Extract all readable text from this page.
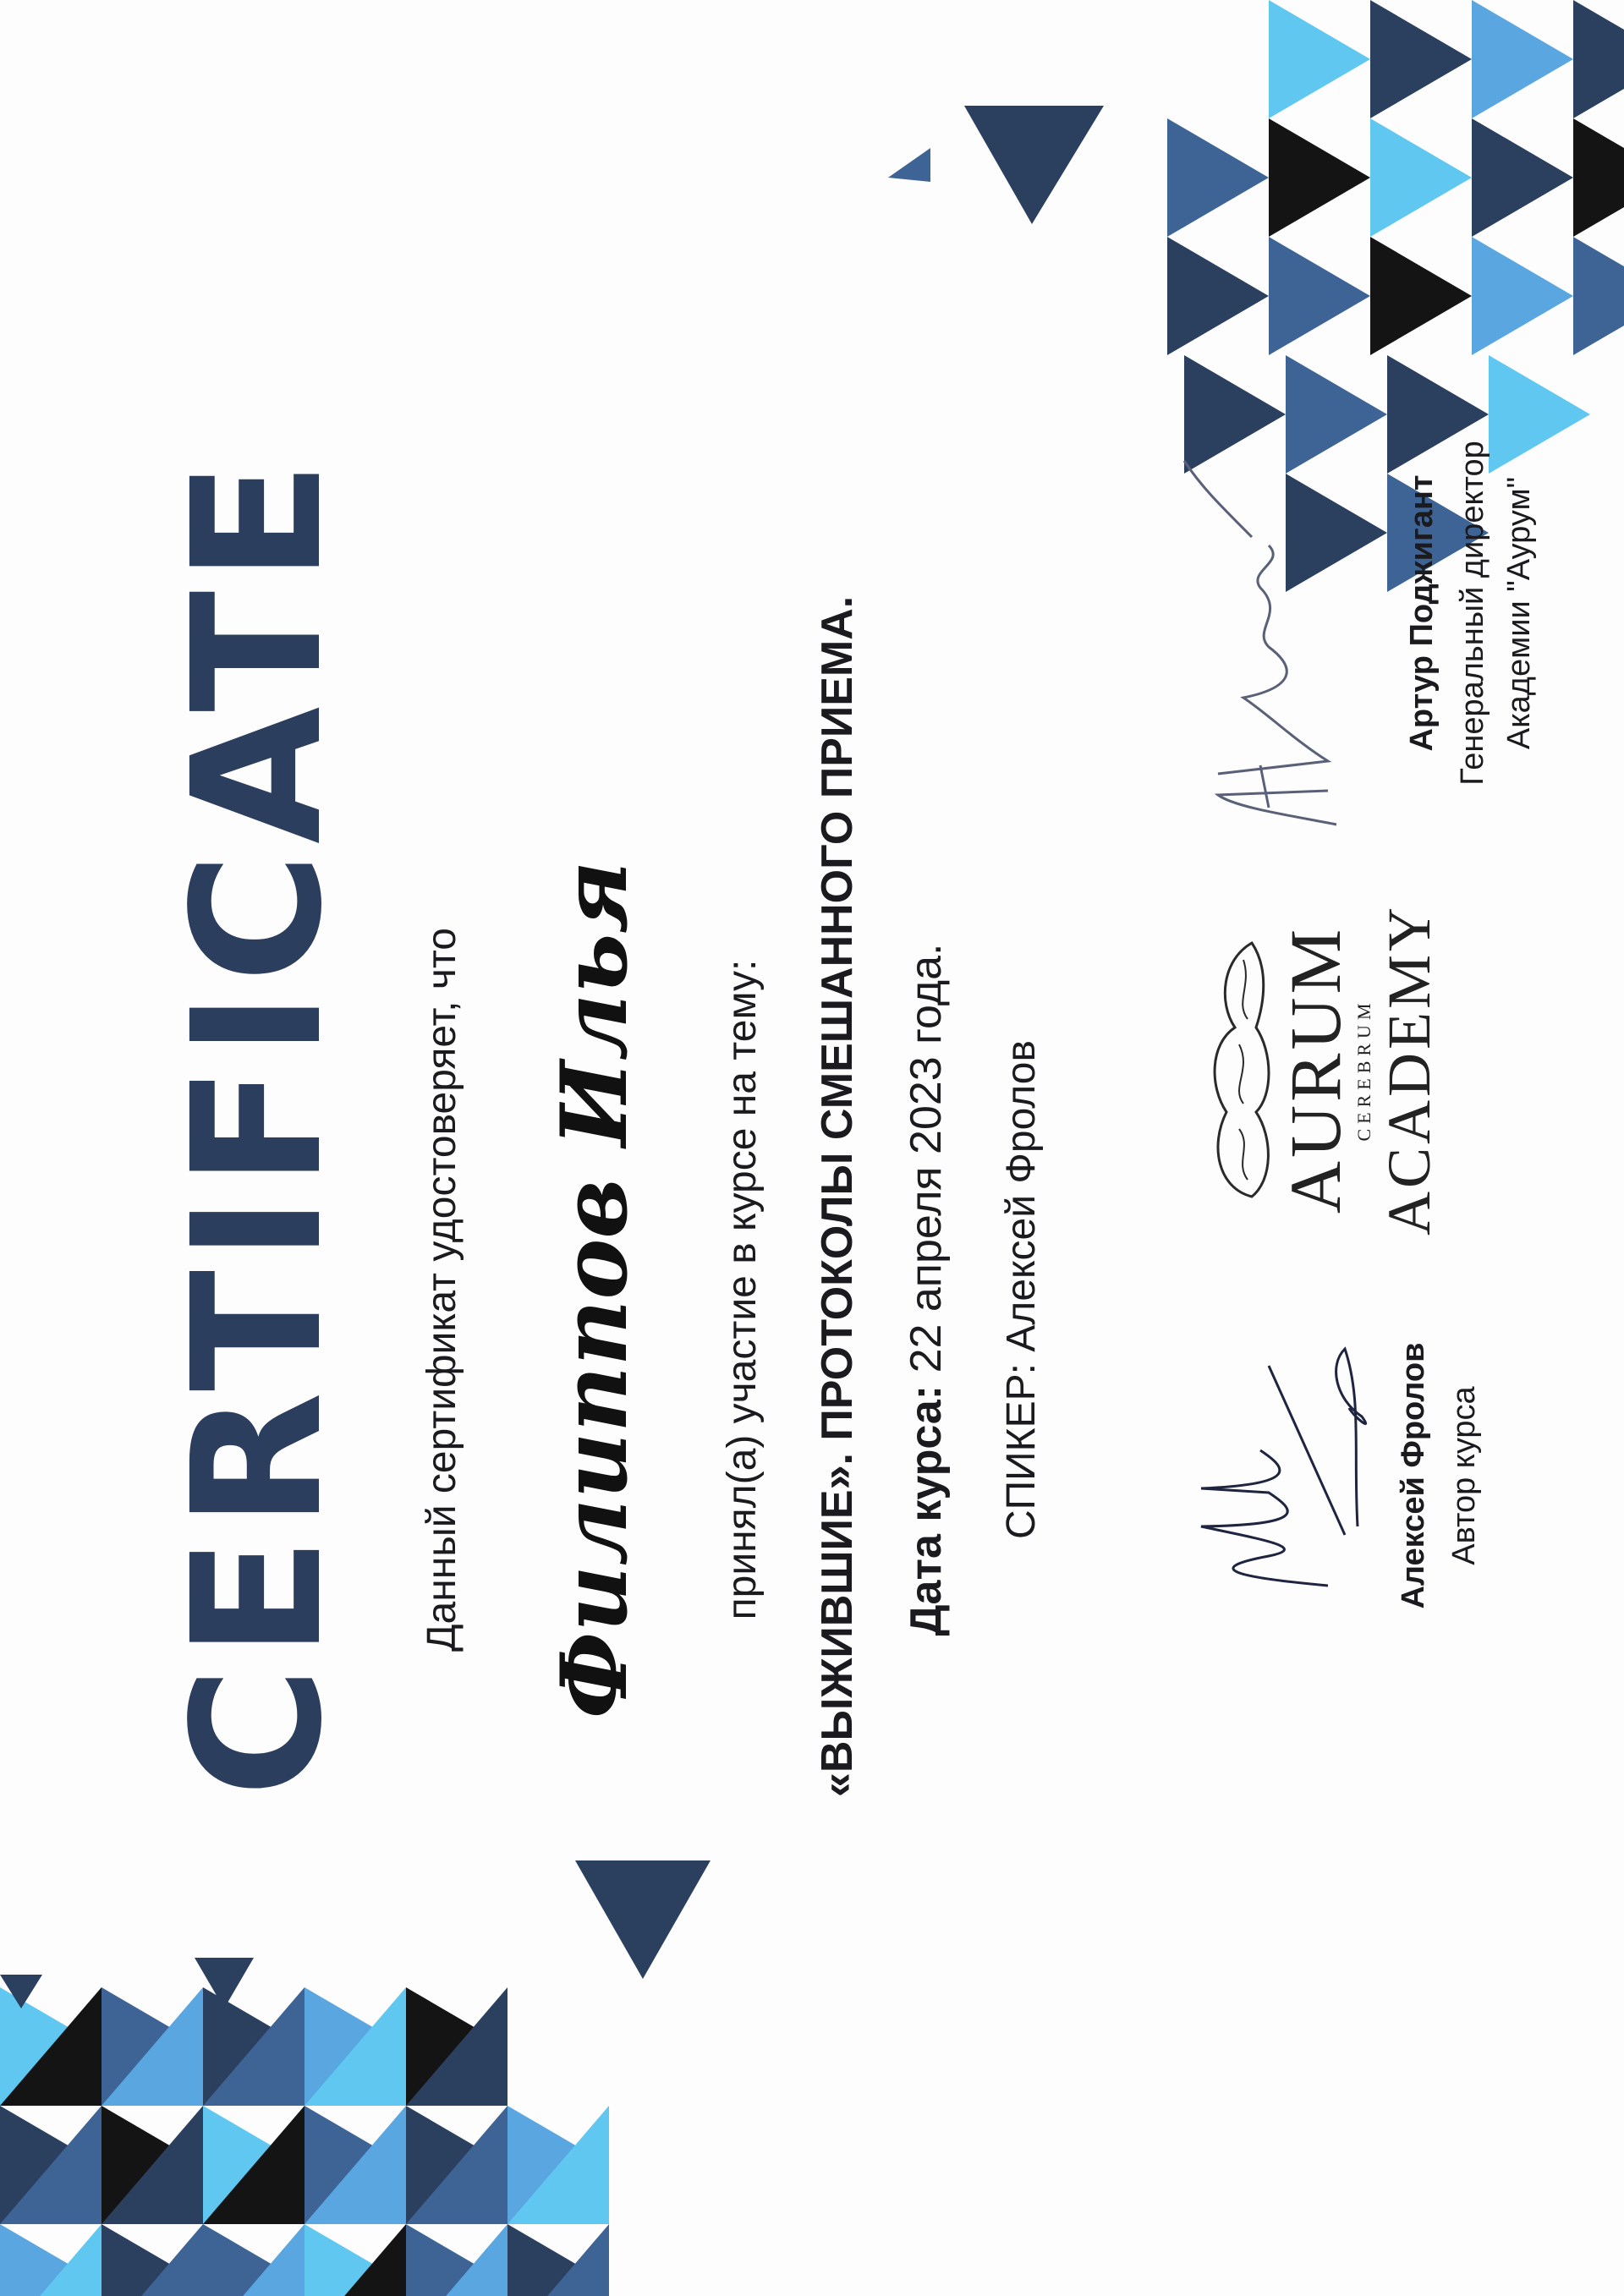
CERTIFICATE Данный сертификат удостоверяет, что Филиппов Илья принял(а) участие в курсе на тему: «ВЫЖИВШИЕ». ПРОТОКОЛЫ СМЕШАННОГО ПРИЕМА. Дата курса: 22 апреля 2023 года.
СПИКЕР: Алексей Фролов
Алексей Фролов Автор курса
AURUM
CEREBRUM ACADEMY
Артур Поджигант Генеральный директор Академии "Аурум"
